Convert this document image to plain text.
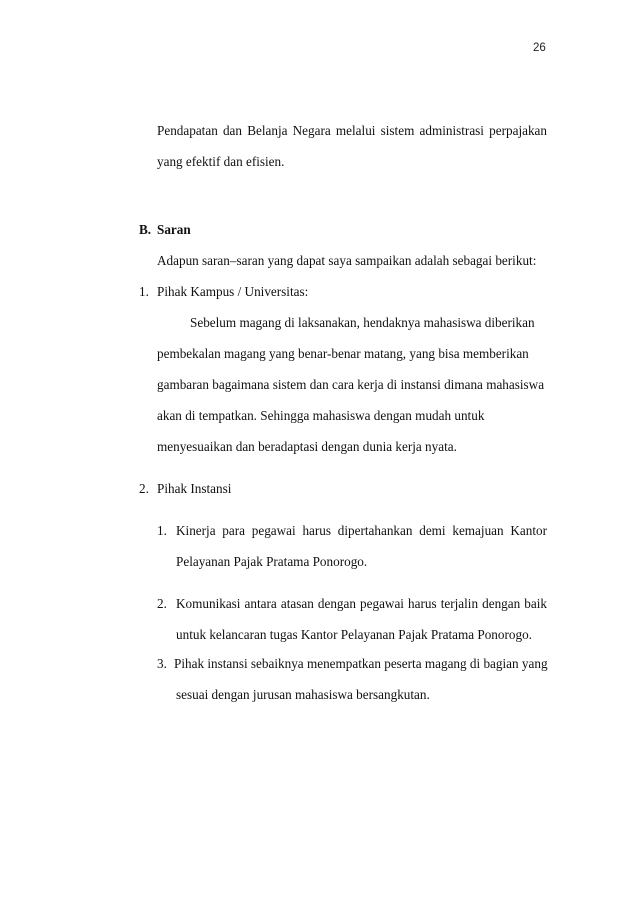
26
Pendapatan dan Belanja Negara melalui sistem administrasi perpajakan
yang efektif dan efisien.
B. Saran
Adapun saran–saran yang dapat saya sampaikan adalah sebagai berikut:
1. Pihak Kampus / Universitas:
Sebelum magang di laksanakan, hendaknya mahasiswa diberikan
pembekalan magang yang benar-benar matang, yang bisa memberikan
gambaran bagaimana sistem dan cara kerja di instansi dimana mahasiswa
akan di tempatkan. Sehingga mahasiswa dengan mudah untuk
menyesuaikan dan beradaptasi dengan dunia kerja nyata.
2. Pihak Instansi
1. Kinerja para pegawai harus dipertahankan demi kemajuan Kantor
Pelayanan Pajak Pratama Ponorogo.
2. Komunikasi antara atasan dengan pegawai harus terjalin dengan baik
untuk kelancaran tugas Kantor Pelayanan Pajak Pratama Ponorogo.
3. Pihak instansi sebaiknya menempatkan peserta magang di bagian yang
sesuai dengan jurusan mahasiswa bersangkutan.
